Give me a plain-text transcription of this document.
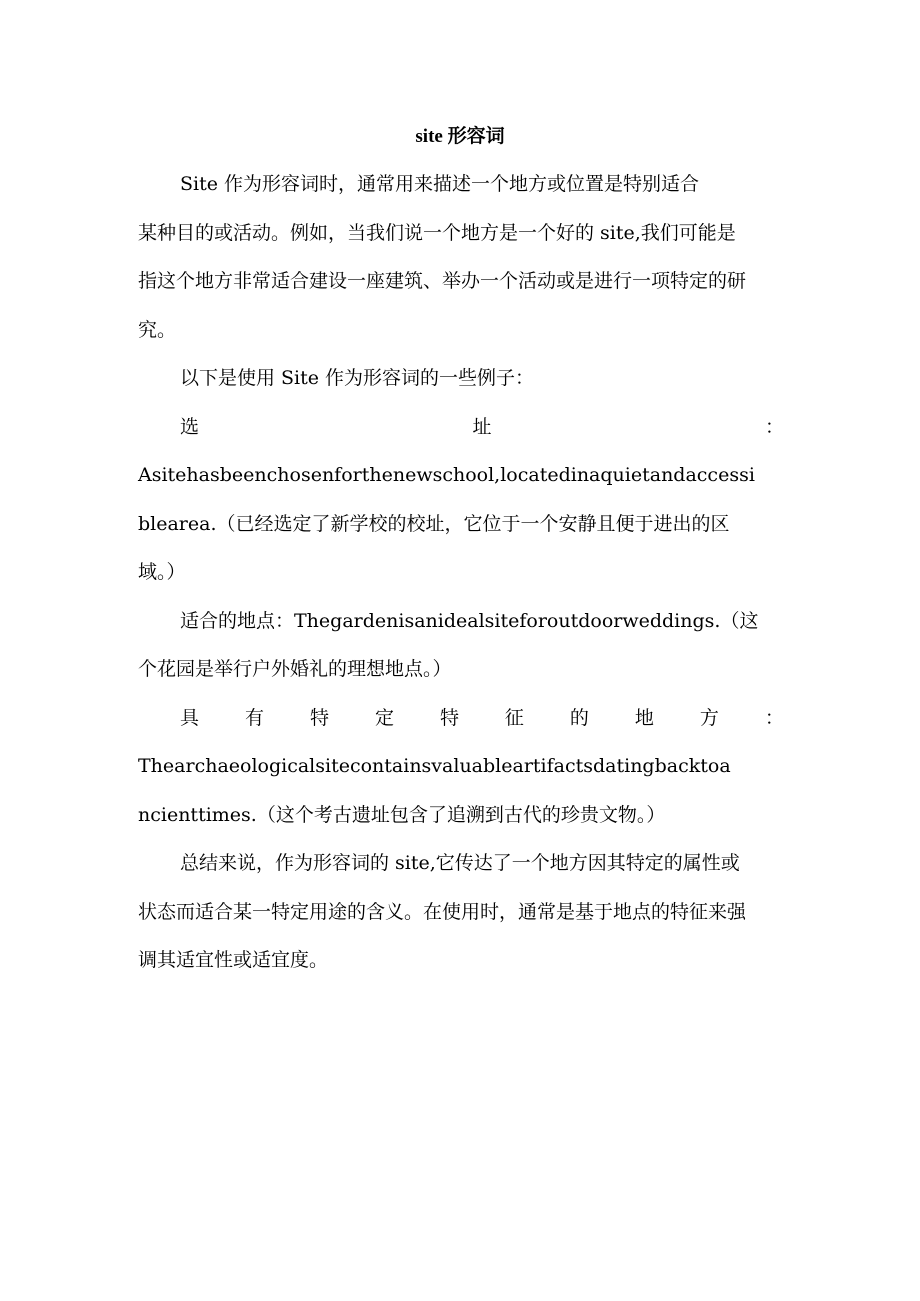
site 形容词
Site 作为形容词时，通常用来描述一个地方或位置是特别适合
某种目的或活动。例如，当我们说一个地方是一个好的 site,我们可能是
指这个地方非常适合建设一座建筑、举办一个活动或是进行一项特定的研
究。
以下是使用 Site 作为形容词的一些例子：
选	址	：
Asitehasbeenchosenforthenewschool,locatedinaquietandaccessi
blearea.（已经选定了新学校的校址，它位于一个安静且便于进出的区
域。）
适合的地点：Thegardenisanidealsiteforoutdoorweddings.（这
个花园是举行户外婚礼的理想地点。）
具 有 特 定 特 征 的 地 方 ：
Thearchaeologicalsitecontainsvaluableartifactsdatingbacktoa
ncienttimes.（这个考古遗址包含了追溯到古代的珍贵文物。）
总结来说，作为形容词的 site,它传达了一个地方因其特定的属性或
状态而适合某一特定用途的含义。在使用时，通常是基于地点的特征来强
调其适宜性或适宜度。
